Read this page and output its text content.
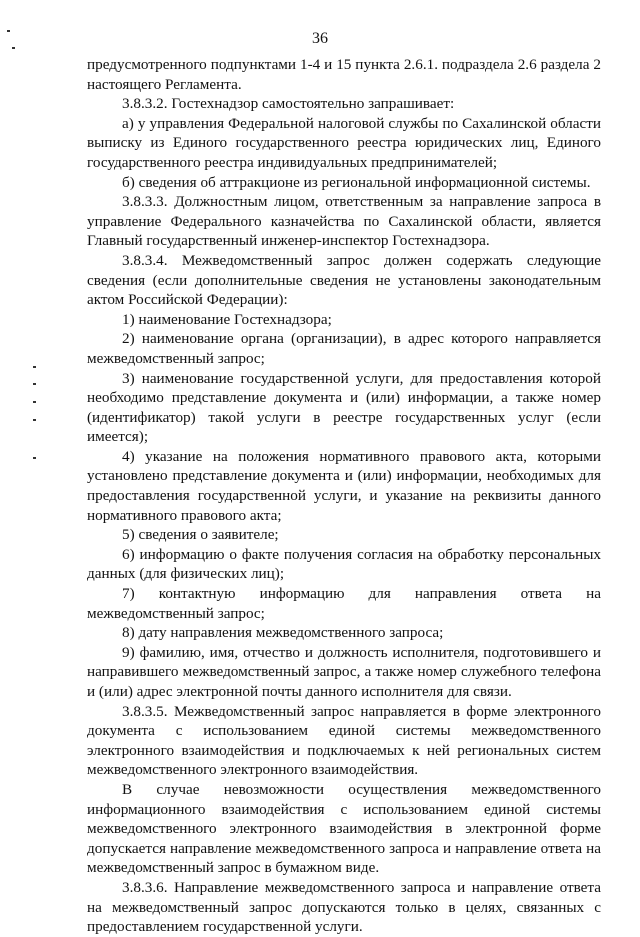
36

предусмотренного подпунктами 1-4 и 15 пункта 2.6.1. подраздела 2.6 раздела 2 настоящего Регламента.

3.8.3.2. Гостехнадзор самостоятельно запрашивает:

а) у управления Федеральной налоговой службы по Сахалинской области выписку из Единого государственного реестра юридических лиц, Единого государственного реестра индивидуальных предпринимателей;

б) сведения об аттракционе из региональной информационной системы.

3.8.3.3. Должностным лицом, ответственным за направление запроса в управление Федерального казначейства по Сахалинской области, является Главный государственный инженер-инспектор Гостехнадзора.

3.8.3.4. Межведомственный запрос должен содержать следующие сведения (если дополнительные сведения не установлены законодательным актом Российской Федерации):

1) наименование Гостехнадзора;

2) наименование органа (организации), в адрес которого направляется межведомственный запрос;

3) наименование государственной услуги, для предоставления которой необходимо представление документа и (или) информации, а также номер (идентификатор) такой услуги в реестре государственных услуг (если имеется);

4) указание на положения нормативного правового акта, которыми установлено представление документа и (или) информации, необходимых для предоставления государственной услуги, и указание на реквизиты данного нормативного правового акта;

5) сведения о заявителе;

6) информацию о факте получения согласия на обработку персональных данных (для физических лиц);

7) контактную информацию для направления ответа на межведомственный запрос;

8) дату направления межведомственного запроса;

9) фамилию, имя, отчество и должность исполнителя, подготовившего и направившего межведомственный запрос, а также номер служебного телефона и (или) адрес электронной почты данного исполнителя для связи.

3.8.3.5. Межведомственный запрос направляется в форме электронного документа с использованием единой системы межведомственного электронного взаимодействия и подключаемых к ней региональных систем межведомственного электронного взаимодействия.

В случае невозможности осуществления межведомственного информационного взаимодействия с использованием единой системы межведомственного электронного взаимодействия в электронной форме допускается направление межведомственного запроса и направление ответа на межведомственный запрос в бумажном виде.

3.8.3.6. Направление межведомственного запроса и направление ответа на межведомственный запрос допускаются только в целях, связанных с предоставлением государственной услуги.
